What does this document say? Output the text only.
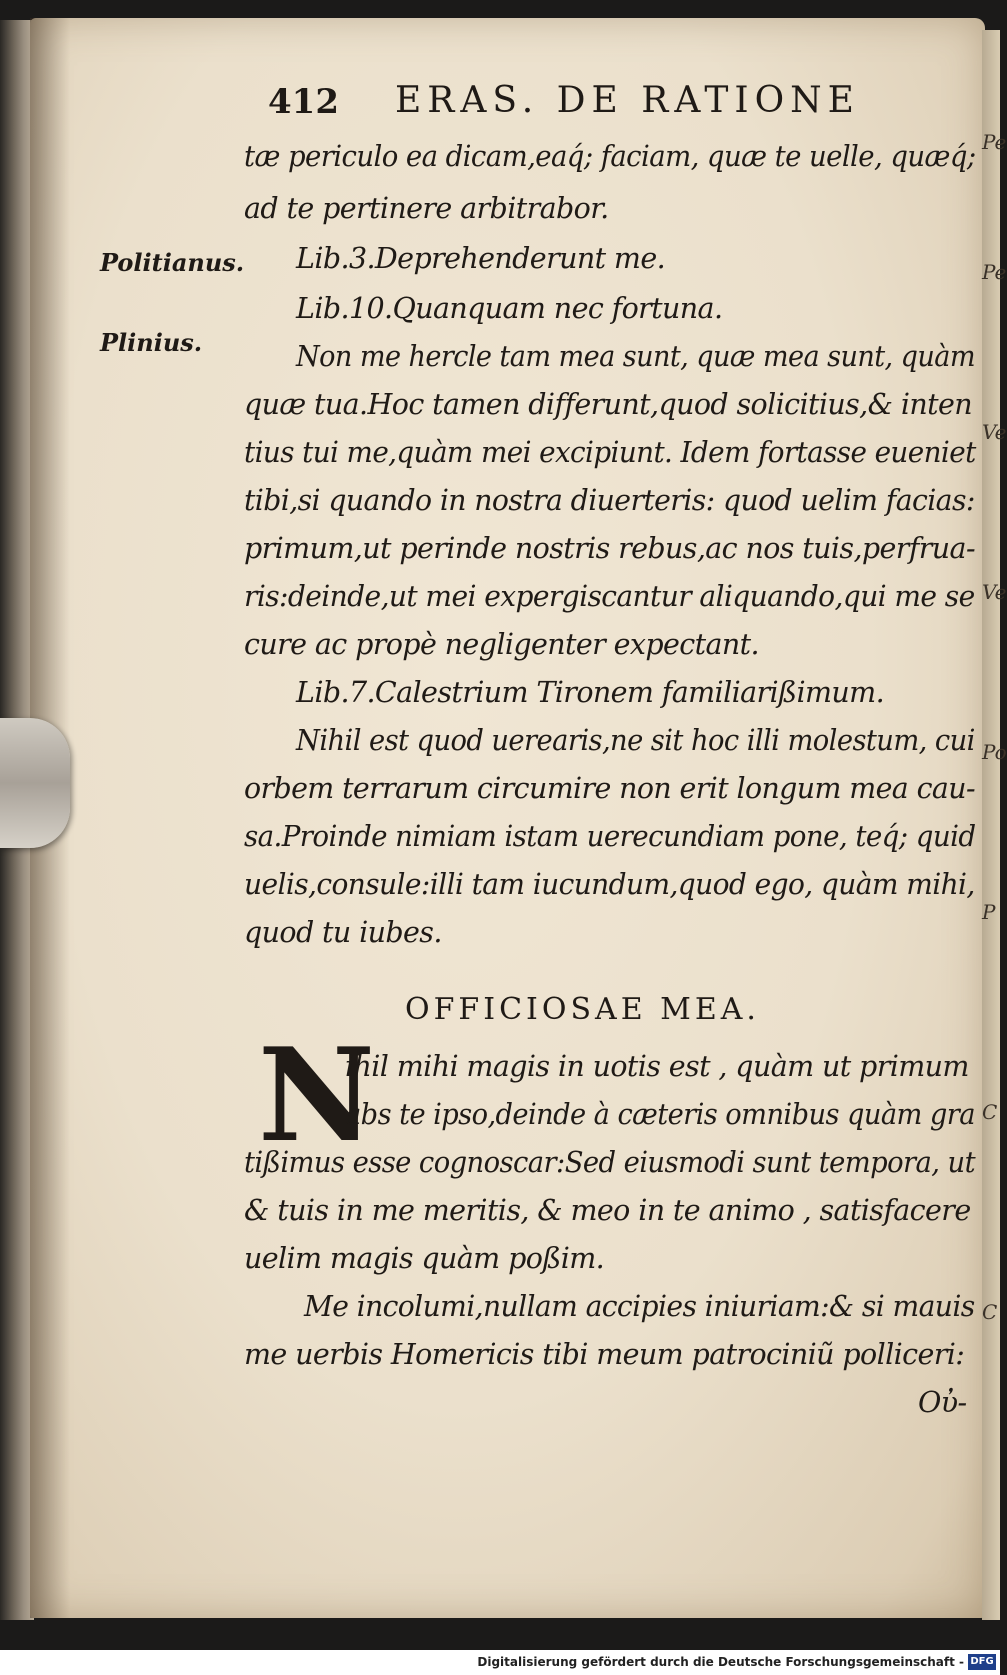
Pe
Pe
Ve
Ve
Po
P
C
C
412 ERAS. DE RATIONE
Politianus.
Plinius.
tæ periculo ea dicam,eaq́; faciam, quæ te uelle, quæq́;
ad te pertinere arbitrabor.
Lib.3.Deprehenderunt me.
Lib.10.Quanquam nec fortuna.
Non me hercle tam mea sunt, quæ mea sunt, quàm
quæ tua.Hoc tamen differunt,quod solicitius,& inten
tius tui me,quàm mei excipiunt. Idem fortasse eueniet
tibi,si quando in nostra diuerteris: quod uelim facias:
primum,ut perinde nostris rebus,ac nos tuis,perfrua-
ris:deinde,ut mei expergiscantur aliquando,qui me se
cure ac propè negligenter expectant.
Lib.7.Calestrium Tironem familiarißimum.
Nihil est quod uerearis,ne sit hoc illi molestum, cui
orbem terrarum circumire non erit longum mea cau-
sa.Proinde nimiam istam uerecundiam pone, teq́; quid
uelis,consule:illi tam iucundum,quod ego, quàm mihi,
quod tu iubes.
OFFICIOSAE MEA.
N
ihil mihi magis in uotis est , quàm ut primum
abs te ipso,deinde à cæteris omnibus quàm gra
tißimus esse cognoscar:Sed eiusmodi sunt tempora, ut
& tuis in me meritis, & meo in te animo , satisfacere
uelim magis quàm poßim.
Me incolumi,nullam accipies iniuriam:& si mauis
me uerbis Homericis tibi meum patrociniũ polliceri:
Οὐ-
Digitalisierung gefördert durch die Deutsche Forschungsgemeinschaft - DFG
